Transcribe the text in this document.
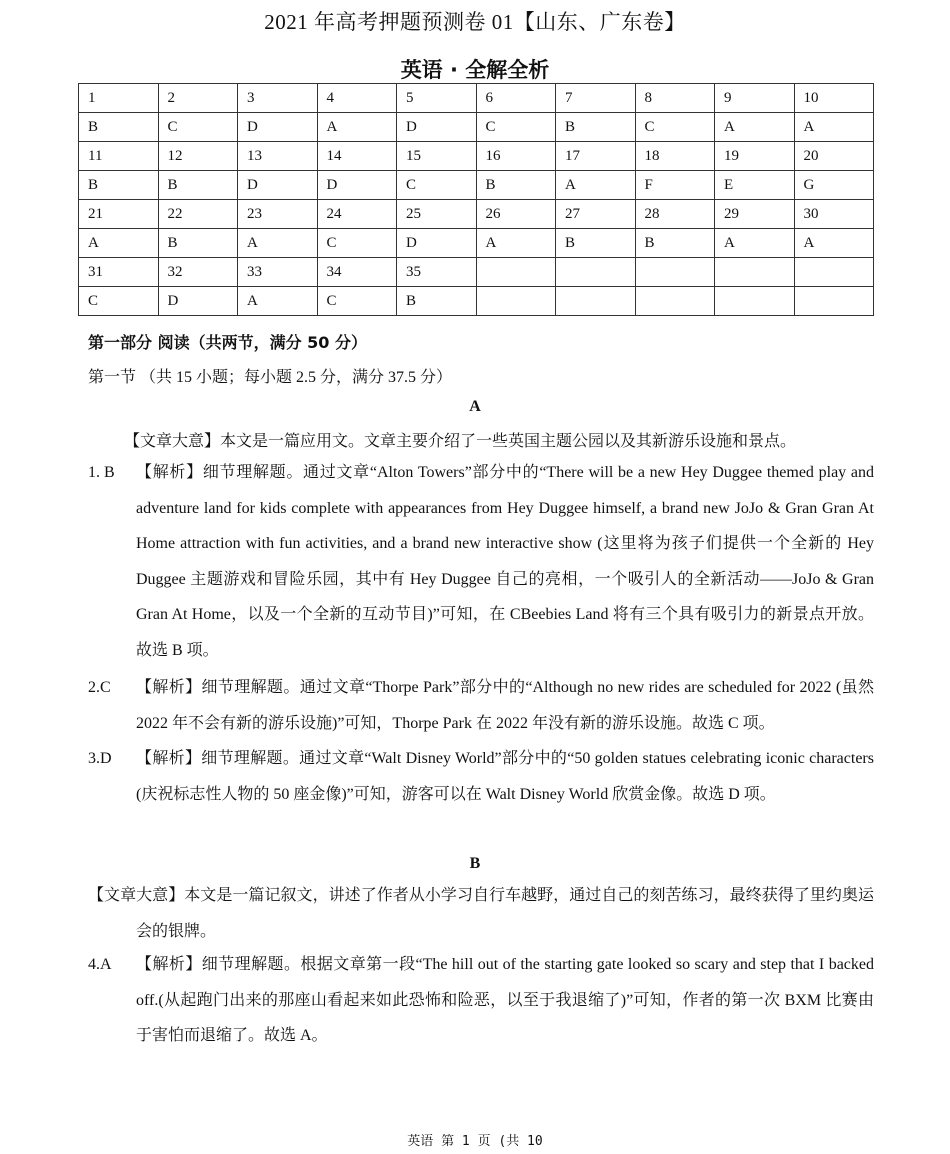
2021 年高考押题预测卷 01【山东、广东卷】
英语 · 全解全析
1	2	3	4	5	6	7	8	9	10
B	C	D	A	D	C	B	C	A	A
11	12	13	14	15	16	17	18	19	20
B	B	D	D	C	B	A	F	E	G
21	22	23	24	25	26	27	28	29	30
A	B	A	C	D	A	B	B	A	A
31	32	33	34	35					
C	D	A	C	B					
第一部分 阅读（共两节，满分 50 分）
第一节 （共 15 小题；每小题 2.5 分，满分 37.5 分）
A
【文章大意】本文是一篇应用文。文章主要介绍了一些英国主题公园以及其新游乐设施和景点。
1. B	【解析】细节理解题。通过文章“Alton Towers”部分中的“There will be a new Hey Duggee themed play and adventure land for kids complete with appearances from Hey Duggee himself, a brand new JoJo & Gran Gran At Home attraction with fun activities, and a brand new interactive show (这里将为孩子们提供一个全新的 Hey Duggee 主题游戏和冒险乐园，其中有 Hey Duggee 自己的亮相，一个吸引人的全新活动——JoJo & Gran Gran At Home，以及一个全新的互动节目)”可知，在 CBeebies Land 将有三个具有吸引力的新景点开放。故选 B 项。
2.C	【解析】细节理解题。通过文章“Thorpe Park”部分中的“Although no new rides are scheduled for 2022 (虽然 2022 年不会有新的游乐设施)”可知，Thorpe Park 在 2022 年没有新的游乐设施。故选 C 项。
3.D	【解析】细节理解题。通过文章“Walt Disney World”部分中的“50 golden statues celebrating iconic characters (庆祝标志性人物的 50 座金像)”可知，游客可以在 Walt Disney World 欣赏金像。故选 D 项。
B
【文章大意】本文是一篇记叙文，讲述了作者从小学习自行车越野，通过自己的刻苦练习，最终获得了里约奥运会的银牌。
4.A	【解析】细节理解题。根据文章第一段“The hill out of the starting gate looked so scary and step that I backed off.(从起跑门出来的那座山看起来如此恐怖和险恶，以至于我退缩了)”可知，作者的第一次 BXM 比赛由于害怕而退缩了。故选 A。
英语 第 1 页 (共 10
